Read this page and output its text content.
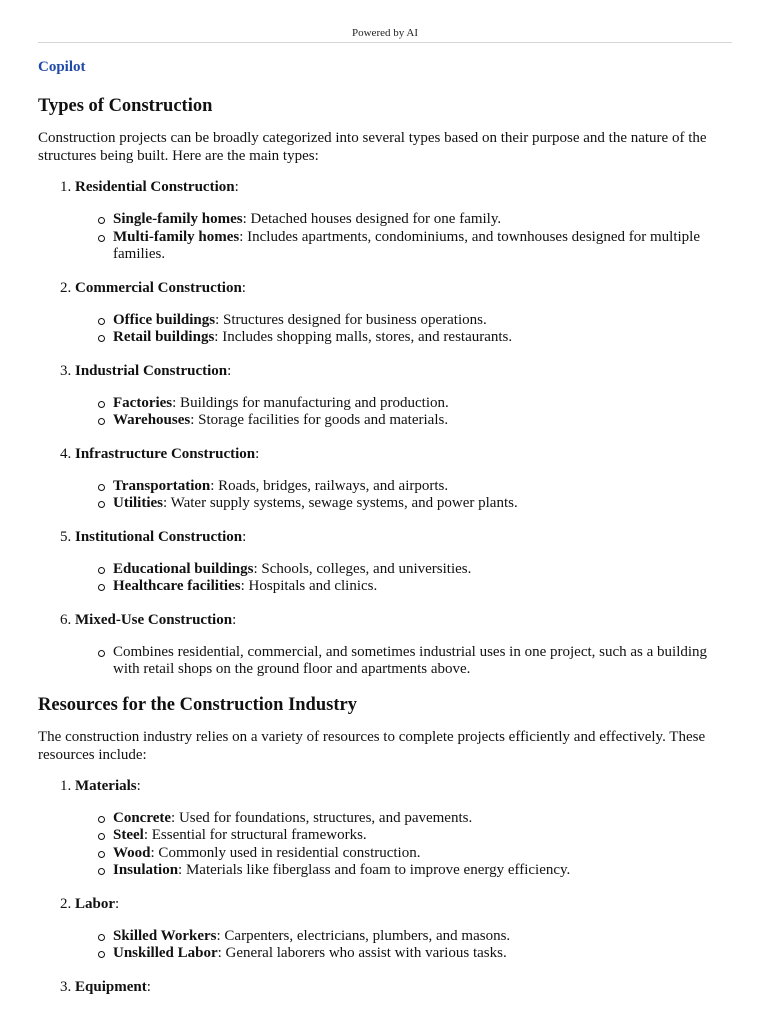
Powered by AI
Copilot
Types of Construction

Construction projects can be broadly categorized into several types based on their purpose and the nature of the structures being built. Here are the main types:

1. Residential Construction:
Single-family homes: Detached houses designed for one family.
Multi-family homes: Includes apartments, condominiums, and townhouses designed for multiple families.
2. Commercial Construction:
Office buildings: Structures designed for business operations.
Retail buildings: Includes shopping malls, stores, and restaurants.
3. Industrial Construction:
Factories: Buildings for manufacturing and production.
Warehouses: Storage facilities for goods and materials.
4. Infrastructure Construction:
Transportation: Roads, bridges, railways, and airports.
Utilities: Water supply systems, sewage systems, and power plants.
5. Institutional Construction:
Educational buildings: Schools, colleges, and universities.
Healthcare facilities: Hospitals and clinics.
6. Mixed-Use Construction:
Combines residential, commercial, and sometimes industrial uses in one project, such as a building with retail shops on the ground floor and apartments above.
Resources for the Construction Industry

The construction industry relies on a variety of resources to complete projects efficiently and effectively. These resources include:

1. Materials:
Concrete: Used for foundations, structures, and pavements.
Steel: Essential for structural frameworks.
Wood: Commonly used in residential construction.
Insulation: Materials like fiberglass and foam to improve energy efficiency.
2. Labor:
Skilled Workers: Carpenters, electricians, plumbers, and masons.
Unskilled Labor: General laborers who assist with various tasks.
3. Equipment:
